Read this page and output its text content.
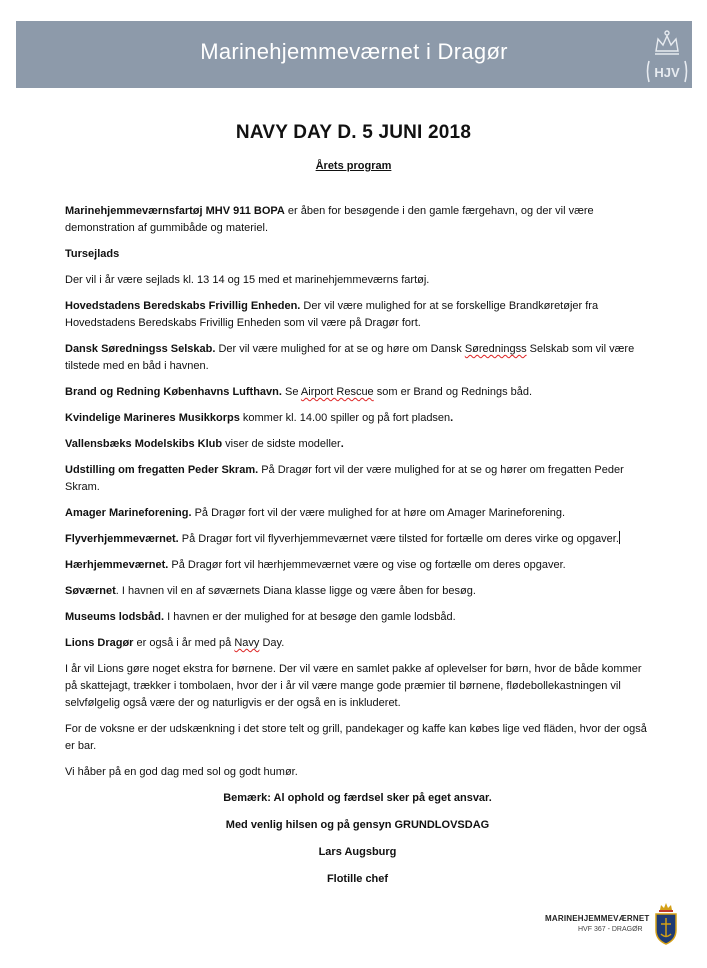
Marinehjemmeværnet i Dragør
HJV
NAVY DAY D. 5 JUNI 2018
Årets program

Marinehjemmeværnsfartøj MHV 911 BOPA er åben for besøgende i den gamle færgehavn, og der vil være demonstration af gummibåde og materiel.

Tursejlads

Der vil i år være sejlads kl. 13 14 og 15 med et marinehjemmeværns fartøj.

Hovedstadens Beredskabs Frivillig Enheden. Der vil være mulighed for at se forskellige Brandkøretøjer fra Hovedstadens Beredskabs Frivillig Enheden som vil være på Dragør fort.

Dansk Søredningss Selskab. Der vil være mulighed for at se og høre om Dansk Søredningss Selskab som vil være tilstede med en båd i havnen.

Brand og Redning Københavns Lufthavn. Se Airport Rescue som er Brand og Rednings båd.

Kvindelige Marineres Musikkorps kommer kl. 14.00 spiller og på fort pladsen.

Vallensbæks Modelskibs Klub viser de sidste modeller.

Udstilling om fregatten Peder Skram. På Dragør fort vil der være mulighed for at se og hører om fregatten Peder Skram.

Amager Marineforening. På Dragør fort vil der være mulighed for at høre om Amager Marineforening.

Flyverhjemmeværnet. På Dragør fort vil flyverhjemmeværnet være tilsted for fortælle om deres virke og opgaver.

Hærhjemmeværnet. På Dragør fort vil hærhjemmeværnet være og vise og fortælle om deres opgaver.

Søværnet. I havnen vil en af søværnets Diana klasse ligge og være åben for besøg.

Museums lodsbåd. I havnen er der mulighed for at besøge den gamle lodsbåd.

Lions Dragør er også i år med på Navy Day.

I år vil Lions gøre noget ekstra for børnene. Der vil være en samlet pakke af oplevelser for børn, hvor de både kommer på skattejagt, trækker i tombolaen, hvor der i år vil være mange gode præmier til børnene, flødebollekastningen vil selvfølgelig også være der og naturligvis er der også en is inkluderet.

For de voksne er der udskænkning i det store telt og grill, pandekager og kaffe kan købes lige ved fläden, hvor der også er bar.

Vi håber på en god dag med sol og godt humør.

Bemærk: Al ophold og færdsel sker på eget ansvar.

Med venlig hilsen og på gensyn GRUNDLOVSDAG

Lars Augsburg

Flotille chef

MARINEHJEMMEVÆRNET
HVF 367 - DRAGØR
